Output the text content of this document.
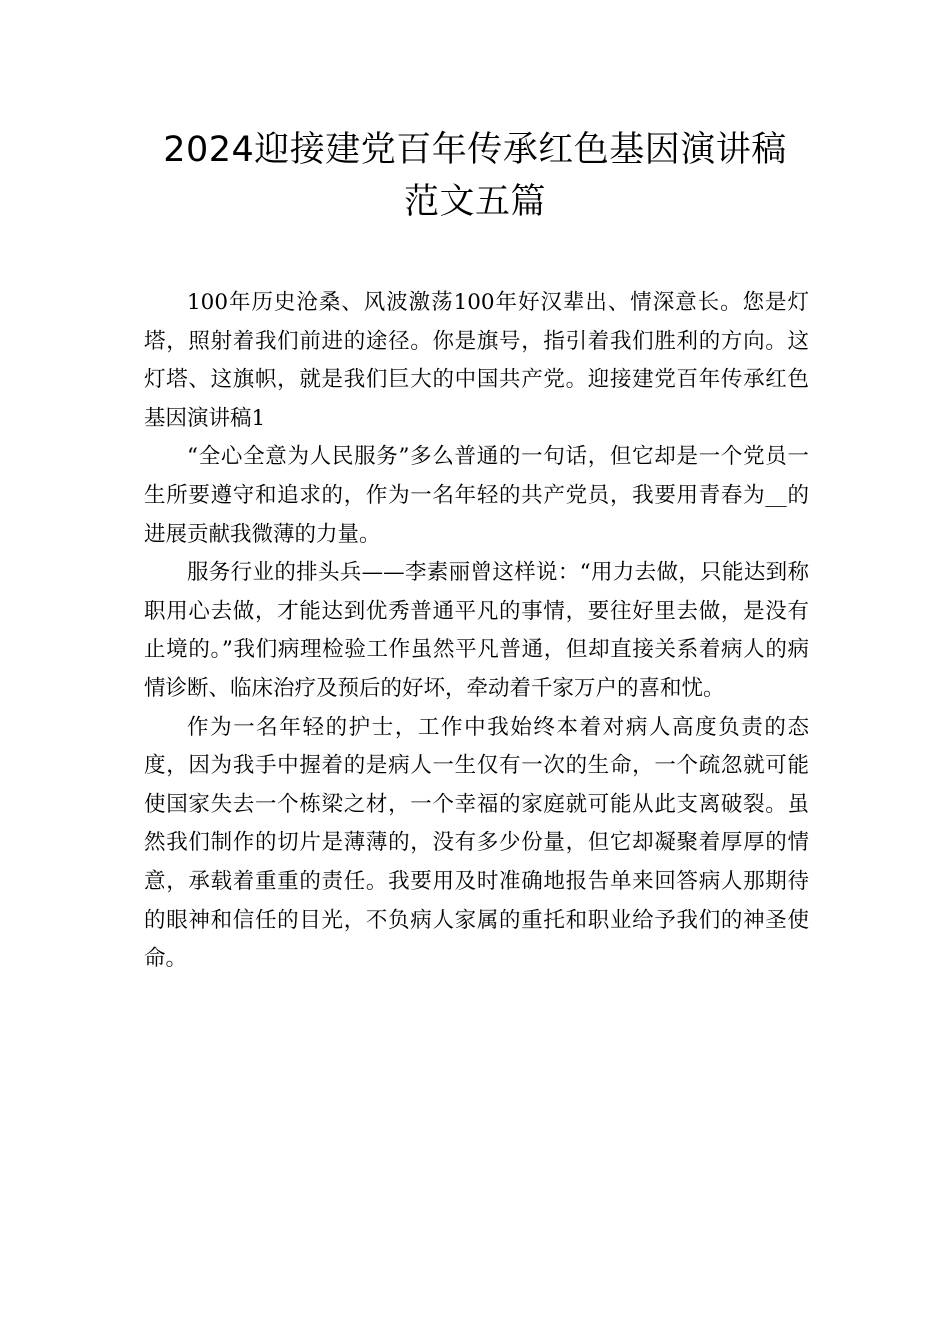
2024迎接建党百年传承红色基因演讲稿
范文五篇

100年历史沧桑、风波激荡100年好汉辈出、情深意长。您是灯塔，照射着我们前进的途径。你是旗号，指引着我们胜利的方向。这灯塔、这旗帜，就是我们巨大的中国共产党。迎接建党百年传承红色基因演讲稿1

“全心全意为人民服务”多么普通的一句话，但它却是一个党员一生所要遵守和追求的，作为一名年轻的共产党员，我要用青春为__的进展贡献我微薄的力量。

服务行业的排头兵——李素丽曾这样说：“用力去做，只能达到称职用心去做，才能达到优秀普通平凡的事情，要往好里去做，是没有止境的。”我们病理检验工作虽然平凡普通，但却直接关系着病人的病情诊断、临床治疗及预后的好坏，牵动着千家万户的喜和忧。

作为一名年轻的护士，工作中我始终本着对病人高度负责的态度，因为我手中握着的是病人一生仅有一次的生命，一个疏忽就可能使国家失去一个栋梁之材，一个幸福的家庭就可能从此支离破裂。虽然我们制作的切片是薄薄的，没有多少份量，但它却凝聚着厚厚的情意，承载着重重的责任。我要用及时准确地报告单来回答病人那期待的眼神和信任的目光，不负病人家属的重托和职业给予我们的神圣使命。
